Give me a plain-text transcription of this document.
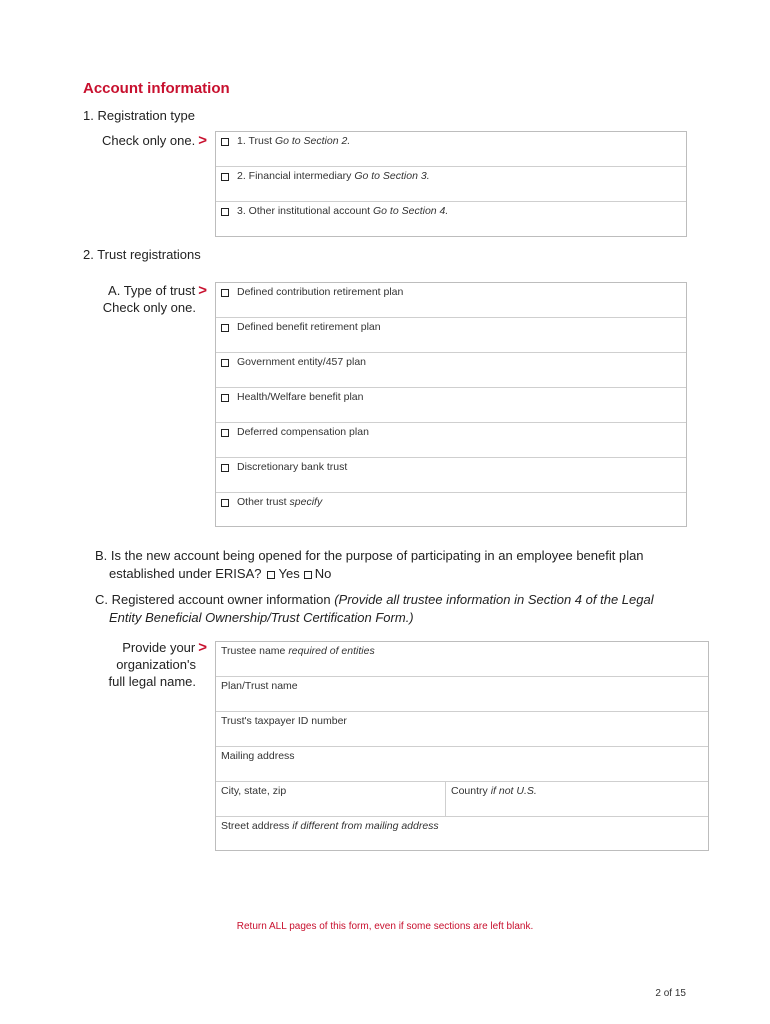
Account information
1. Registration type
Check only one. >	1. Trust Go to Section 2.
2. Financial intermediary Go to Section 3.
3. Other institutional account Go to Section 4.
2. Trust registrations
A. Type of trust >
Check only one.
Defined contribution retirement plan
Defined benefit retirement plan
Government entity/457 plan
Health/Welfare benefit plan
Deferred compensation plan
Discretionary bank trust
Other trust specify
B. Is the new account being opened for the purpose of participating in an employee benefit plan
established under ERISA? Yes No
C. Registered account owner information (Provide all trustee information in Section 4 of the Legal
Entity Beneficial Ownership/Trust Certification Form.)
Provide your >
organization's
full legal name.
Trustee name required of entities
Plan/Trust name
Trust's taxpayer ID number
Mailing address
City, state, zip	Country if not U.S.
Street address if different from mailing address
Return ALL pages of this form, even if some sections are left blank.
2 of 15
